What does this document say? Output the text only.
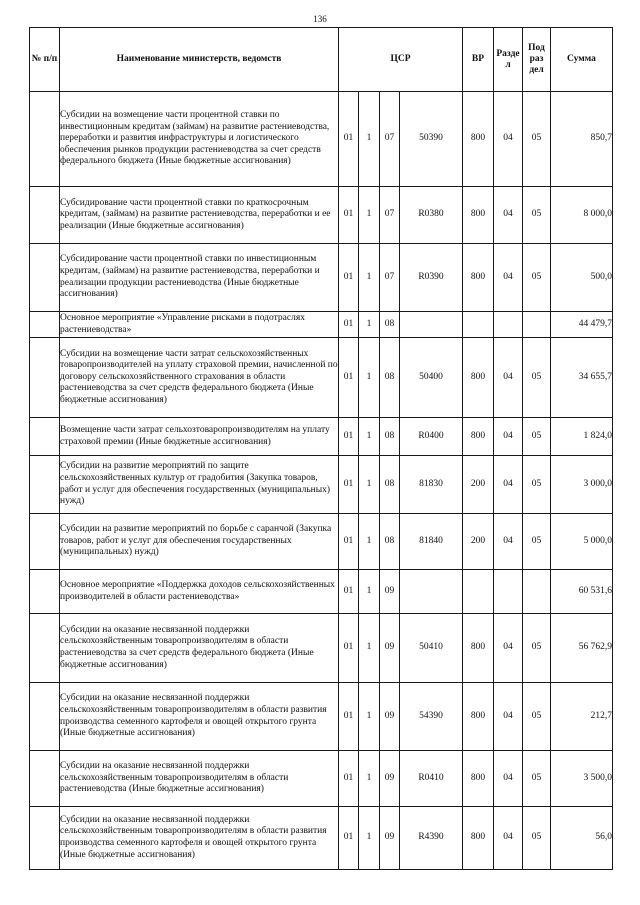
136
№ п/п	Наименование министерств, ведомств	ЦСР				ВР	Разде л	Под раз дел	Сумма
	Субсидии на возмещение части процентной ставки по инвестиционным кредитам (займам) на развитие растениеводства, переработки и развития инфраструктуры и логистического обеспечения рынков продукции растениеводства за счет средств федерального бюджета (Иные бюджетные ассигнования)	01	1	07	50390	800	04	05	850,7
	Субсидирование части процентной ставки по краткосрочным кредитам, (займам) на развитие растениеводства, переработки и ее реализации (Иные бюджетные ассигнования)	01	1	07	R0380	800	04	05	8 000,0
	Субсидирование части процентной ставки по инвестиционным кредитам, (займам) на развитие растениеводства, переработки и реализации продукции растениеводства (Иные бюджетные ассигнования)	01	1	07	R0390	800	04	05	500,0
	Основное мероприятие «Управление рисками в подотраслях растениеводства»	01	1	08					44 479,7
	Субсидии на возмещение части затрат сельскохозяйственных товаропроизводителей на уплату страховой премии, начисленной по договору сельскохозяйственного страхования в области растениеводства за счет средств федерального бюджета (Иные бюджетные ассигнования)	01	1	08	50400	800	04	05	34 655,7
	Возмещение части затрат сельхозтоваропроизводителям на уплату страховой премии (Иные бюджетные ассигнования)	01	1	08	R0400	800	04	05	1 824,0
	Субсидии на развитие мероприятий по защите сельскохозяйственных культур от градобития (Закупка товаров, работ и услуг для обеспечения государственных (муниципальных) нужд)	01	1	08	81830	200	04	05	3 000,0
	Субсидии на развитие мероприятий по борьбе с саранчой (Закупка товаров, работ и услуг для обеспечения государственных (муниципальных) нужд)	01	1	08	81840	200	04	05	5 000,0
	Основное мероприятие «Поддержка доходов сельскохозяйственных производителей в области растениеводства»	01	1	09					60 531,6
	Субсидии на оказание несвязанной поддержки сельскохозяйственным товаропроизводителям в области растениеводства за счет средств федерального бюджета (Иные бюджетные ассигнования)	01	1	09	50410	800	04	05	56 762,9
	Субсидии на оказание несвязанной поддержки сельскохозяйственным товаропроизводителям в области развития производства семенного картофеля и овощей открытого грунта (Иные бюджетные ассигнования)	01	1	09	54390	800	04	05	212,7
	Субсидии на оказание несвязанной поддержки сельскохозяйственным товаропроизводителям в области растениеводства (Иные бюджетные ассигнования)	01	1	09	R0410	800	04	05	3 500,0
	Субсидии на оказание несвязанной поддержки сельскохозяйственным товаропроизводителям в области развития производства семенного картофеля и овощей открытого грунта (Иные бюджетные ассигнования)	01	1	09	R4390	800	04	05	56,0
